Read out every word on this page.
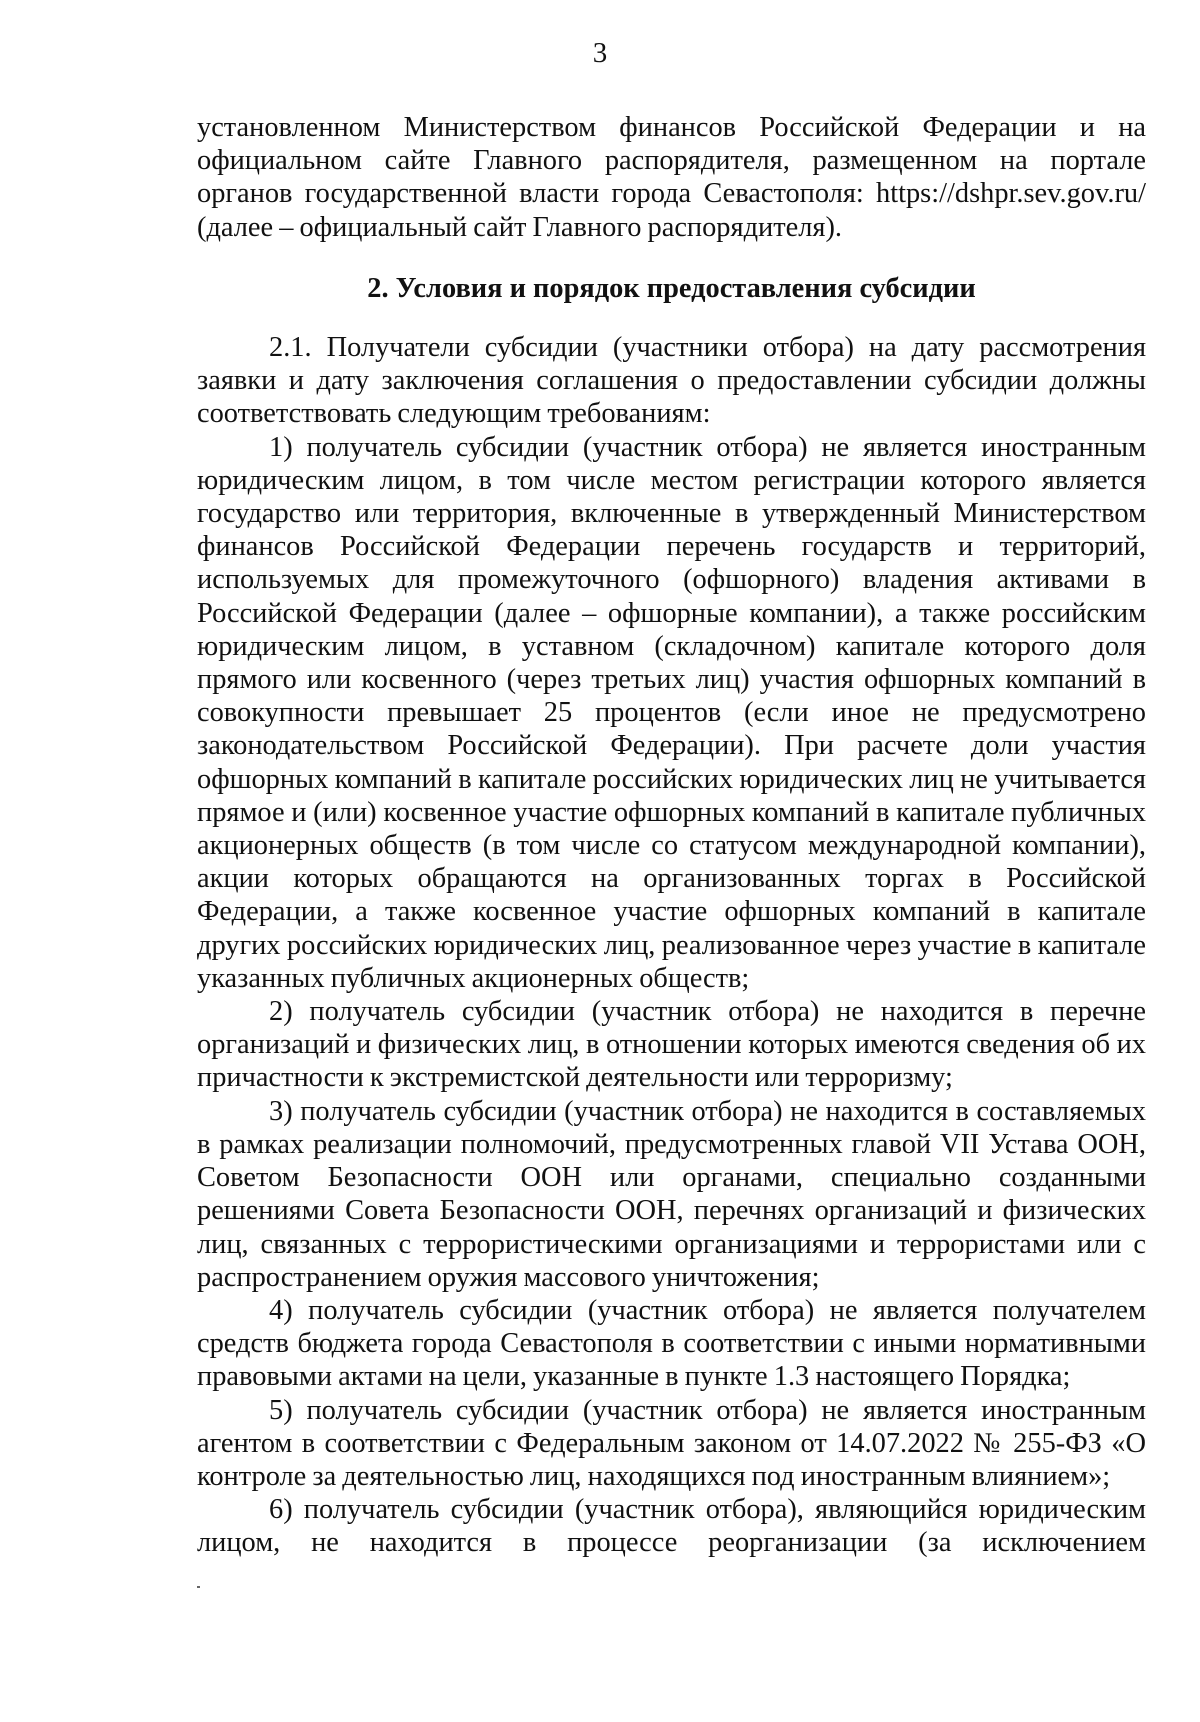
3

установленном Министерством финансов Российской Федерации и на официальном сайте Главного распорядителя, размещенном на портале органов государственной власти города Севастополя: https://dshpr.sev.gov.ru/ (далее – официальный сайт Главного распорядителя).

2. Условия и порядок предоставления субсидии

2.1. Получатели субсидии (участники отбора) на дату рассмотрения заявки и дату заключения соглашения о предоставлении субсидии должны соответствовать следующим требованиям:

1) получатель субсидии (участник отбора) не является иностранным юридическим лицом, в том числе местом регистрации которого является государство или территория, включенные в утвержденный Министерством финансов Российской Федерации перечень государств и территорий, используемых для промежуточного (офшорного) владения активами в Российской Федерации (далее – офшорные компании), а также российским юридическим лицом, в уставном (складочном) капитале которого доля прямого или косвенного (через третьих лиц) участия офшорных компаний в совокупности превышает 25 процентов (если иное не предусмотрено законодательством Российской Федерации). При расчете доли участия офшорных компаний в капитале российских юридических лиц не учитывается прямое и (или) косвенное участие офшорных компаний в капитале публичных акционерных обществ (в том числе со статусом международной компании), акции которых обращаются на организованных торгах в Российской Федерации, а также косвенное участие офшорных компаний в капитале других российских юридических лиц, реализованное через участие в капитале указанных публичных акционерных обществ;

2) получатель субсидии (участник отбора) не находится в перечне организаций и физических лиц, в отношении которых имеются сведения об их причастности к экстремистской деятельности или терроризму;

3) получатель субсидии (участник отбора) не находится в составляемых в рамках реализации полномочий, предусмотренных главой VII Устава ООН, Советом Безопасности ООН или органами, специально созданными решениями Совета Безопасности ООН, перечнях организаций и физических лиц, связанных с террористическими организациями и террористами или с распространением оружия массового уничтожения;

4) получатель субсидии (участник отбора) не является получателем средств бюджета города Севастополя в соответствии с иными нормативными правовыми актами на цели, указанные в пункте 1.3 настоящего Порядка;

5) получатель субсидии (участник отбора) не является иностранным агентом в соответствии с Федеральным законом от 14.07.2022 № 255-ФЗ «О контроле за деятельностью лиц, находящихся под иностранным влиянием»;

6) получатель субсидии (участник отбора), являющийся юридическим лицом, не находится в процессе реорганизации (за исключением
